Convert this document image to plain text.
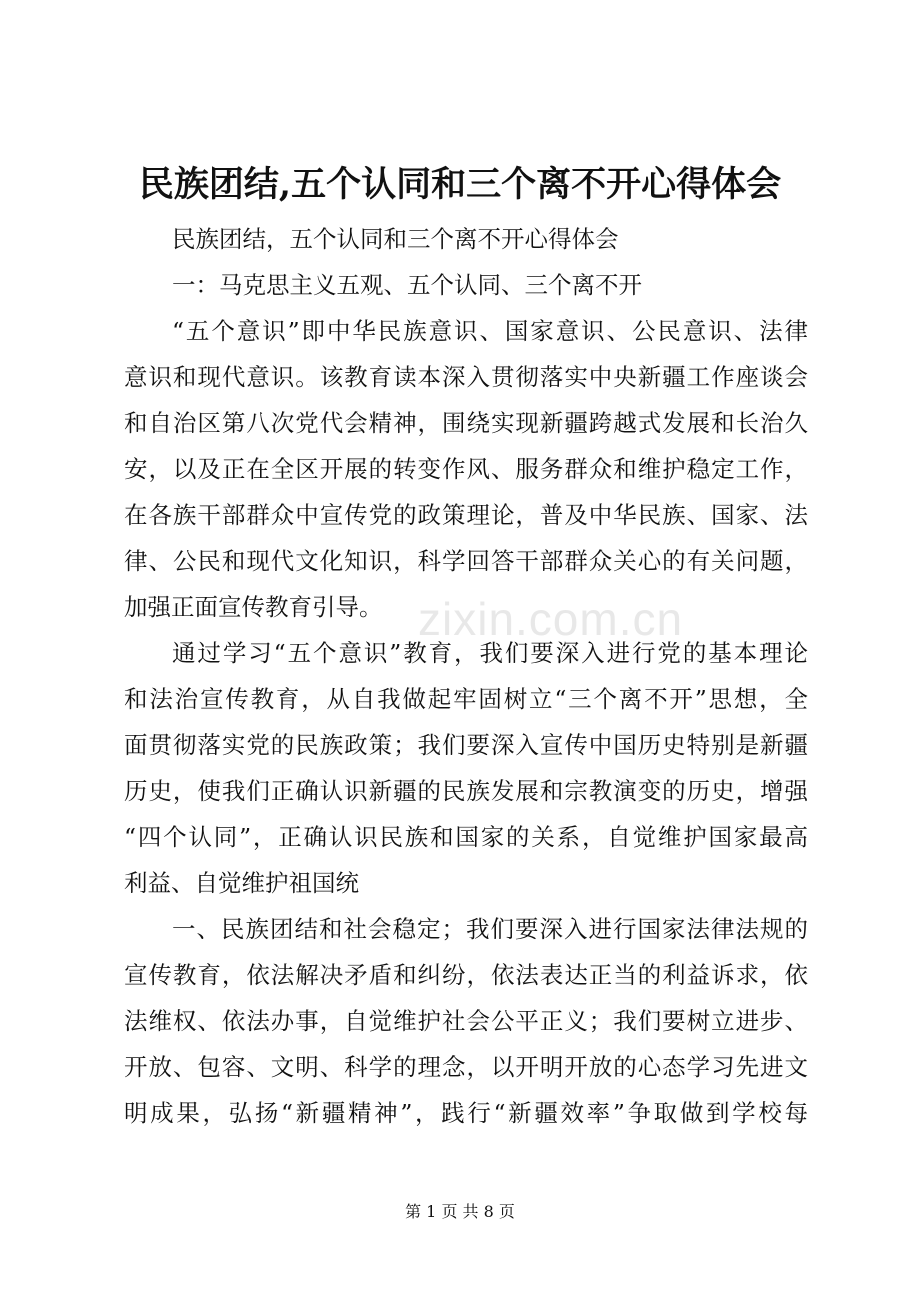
民族团结,五个认同和三个离不开心得体会
民族团结，五个认同和三个离不开心得体会
一：马克思主义五观、五个认同、三个离不开
“五个意识”即中华民族意识、国家意识、公民意识、法律
意识和现代意识。该教育读本深入贯彻落实中央新疆工作座谈会
和自治区第八次党代会精神，围绕实现新疆跨越式发展和长治久
安，以及正在全区开展的转变作风、服务群众和维护稳定工作，
在各族干部群众中宣传党的政策理论，普及中华民族、国家、法
律、公民和现代文化知识，科学回答干部群众关心的有关问题，
加强正面宣传教育引导。
通过学习“五个意识”教育，我们要深入进行党的基本理论
和法治宣传教育，从自我做起牢固树立“三个离不开”思想，全
面贯彻落实党的民族政策；我们要深入宣传中国历史特别是新疆
历史，使我们正确认识新疆的民族发展和宗教演变的历史，增强
“四个认同”，正确认识民族和国家的关系，自觉维护国家最高
利益、自觉维护祖国统
一、民族团结和社会稳定；我们要深入进行国家法律法规的
宣传教育，依法解决矛盾和纠纷，依法表达正当的利益诉求，依
法维权、依法办事，自觉维护社会公平正义；我们要树立进步、
开放、包容、文明、科学的理念，以开明开放的心态学习先进文
明成果，弘扬“新疆精神”，践行“新疆效率”争取做到学校每
zixin.com.cn
第 1 页 共 8 页
